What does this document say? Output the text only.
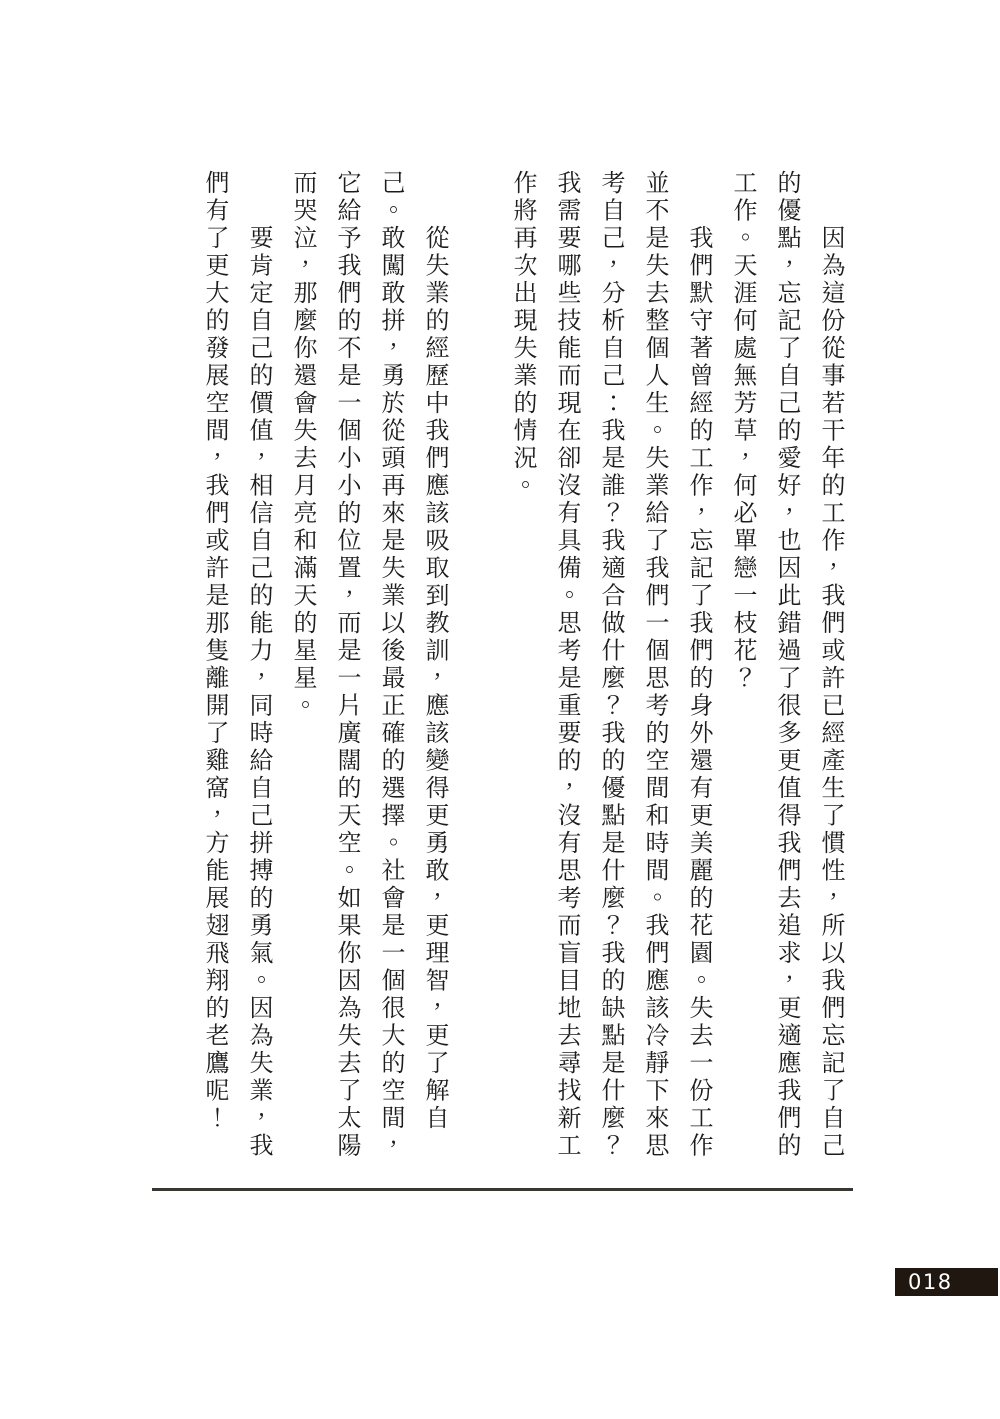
因為這份從事若干年的工作，我們或許已經產生了慣性，所以我們忘記了自己
的優點，忘記了自己的愛好，也因此錯過了很多更值得我們去追求，更適應我們的
工作。天涯何處無芳草，何必單戀一枝花？
我們默守著曾經的工作，忘記了我們的身外還有更美麗的花園。失去一份工作
並不是失去整個人生。失業給了我們一個思考的空間和時間。我們應該冷靜下來思
考自己，分析自己：我是誰？我適合做什麼？我的優點是什麼？我的缺點是什麼？
我需要哪些技能而現在卻沒有具備。思考是重要的，沒有思考而盲目地去尋找新工
作將再次出現失業的情況。
從失業的經歷中我們應該吸取到教訓，應該變得更勇敢，更理智，更了解自
己。敢闖敢拼，勇於從頭再來是失業以後最正確的選擇。社會是一個很大的空間，
它給予我們的不是一個小小的位置，而是一片廣闊的天空。如果你因為失去了太陽
而哭泣，那麼你還會失去月亮和滿天的星星。
要肯定自己的價值，相信自己的能力，同時給自己拼搏的勇氣。因為失業，我
們有了更大的發展空間，我們或許是那隻離開了雞窩，方能展翅飛翔的老鷹呢！
018
